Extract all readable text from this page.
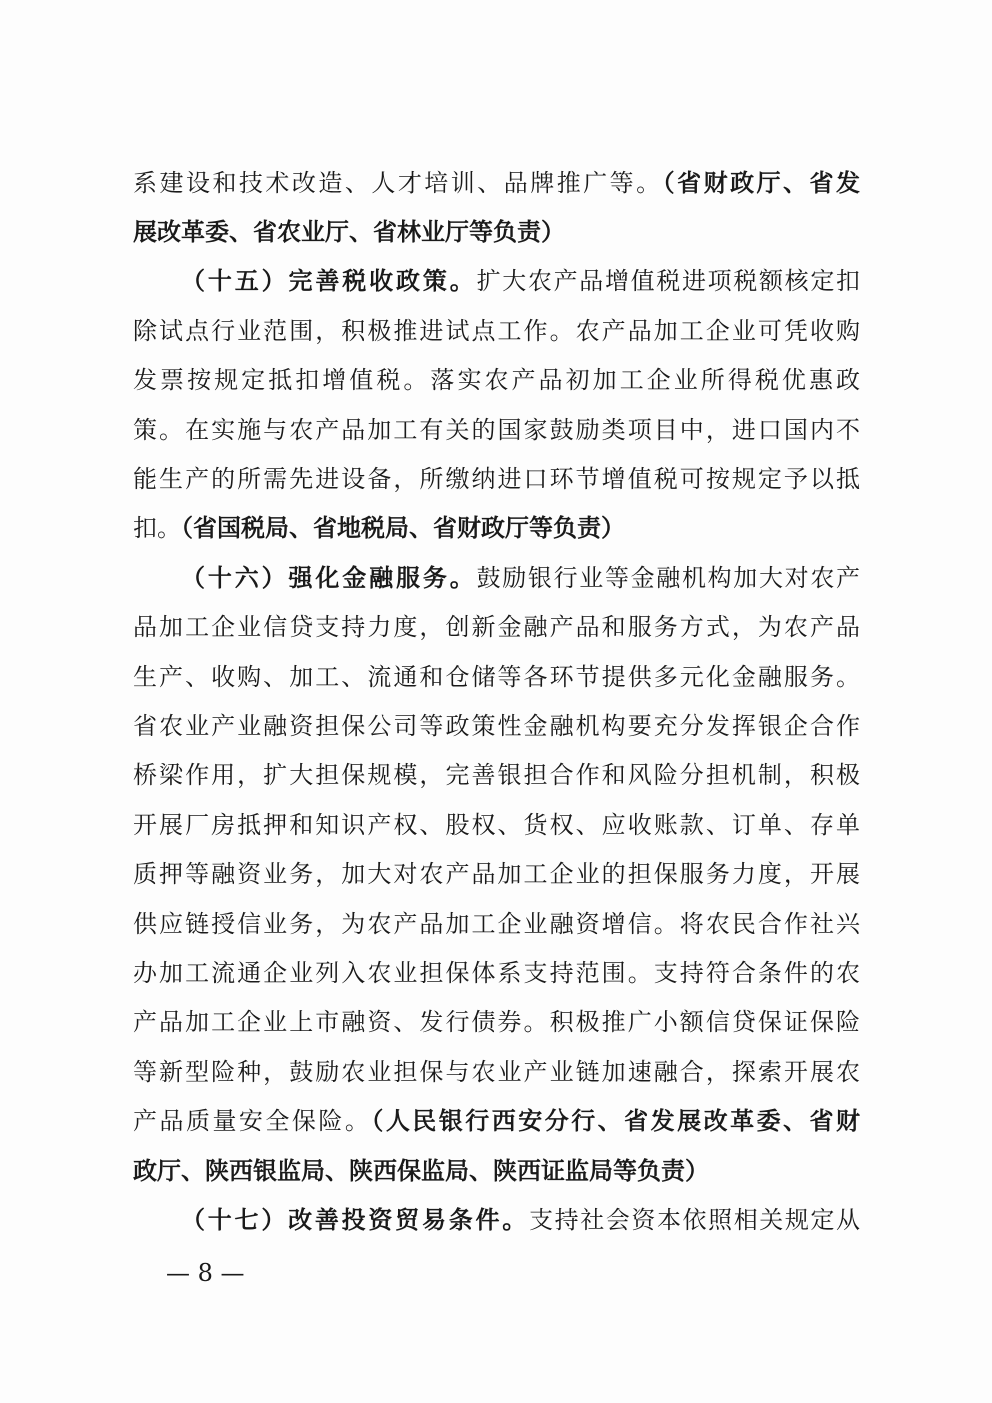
系建设和技术改造、人才培训、品牌推广等。（省财政厅、省发
展改革委、省农业厅、省林业厅等负责）
（十五）完善税收政策。扩大农产品增值税进项税额核定扣
除试点行业范围，积极推进试点工作。农产品加工企业可凭收购
发票按规定抵扣增值税。落实农产品初加工企业所得税优惠政
策。在实施与农产品加工有关的国家鼓励类项目中，进口国内不
能生产的所需先进设备，所缴纳进口环节增值税可按规定予以抵
扣。（省国税局、省地税局、省财政厅等负责）
（十六）强化金融服务。鼓励银行业等金融机构加大对农产
品加工企业信贷支持力度，创新金融产品和服务方式，为农产品
生产、收购、加工、流通和仓储等各环节提供多元化金融服务。
省农业产业融资担保公司等政策性金融机构要充分发挥银企合作
桥梁作用，扩大担保规模，完善银担合作和风险分担机制，积极
开展厂房抵押和知识产权、股权、货权、应收账款、订单、存单
质押等融资业务，加大对农产品加工企业的担保服务力度，开展
供应链授信业务，为农产品加工企业融资增信。将农民合作社兴
办加工流通企业列入农业担保体系支持范围。支持符合条件的农
产品加工企业上市融资、发行债券。积极推广小额信贷保证保险
等新型险种，鼓励农业担保与农业产业链加速融合，探索开展农
产品质量安全保险。（人民银行西安分行、省发展改革委、省财
政厅、陕西银监局、陕西保监局、陕西证监局等负责）
（十七）改善投资贸易条件。支持社会资本依照相关规定从
— 8 —
